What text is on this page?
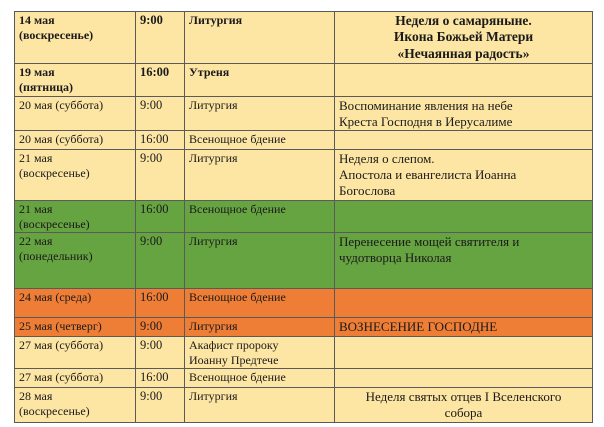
14 мая
(воскресенье)	9:00	Литургия	Неделя о самаряныне.
Икона Божьей Матери
«Нечаянная радость»

19 мая
(пятница)	16:00	Утреня	

20 мая (суббота)	9:00	Литургия	Воспоминание явления на небе
Креста Господня в Иерусалиме

20 мая (суббота)	16:00	Всенощное бдение	

21 мая
(воскресенье)	9:00	Литургия	Неделя о слепом.
Апостола и евангелиста Иоанна
Богослова

21 мая
(воскресенье)	16:00	Всенощное бдение	

22 мая
(понедельник)	9:00	Литургия	Перенесение мощей святителя и
чудотворца Николая

24 мая (среда)	16:00	Всенощное бдение	

25 мая (четверг)	9:00	Литургия	ВОЗНЕСЕНИЕ ГОСПОДНЕ

27 мая (суббота)	9:00	Акафист пророку
Иоанну Предтече	

27 мая (суббота)	16:00	Всенощное бдение	

28 мая
(воскресенье)	9:00	Литургия	Неделя святых отцев I Вселенского
собора
